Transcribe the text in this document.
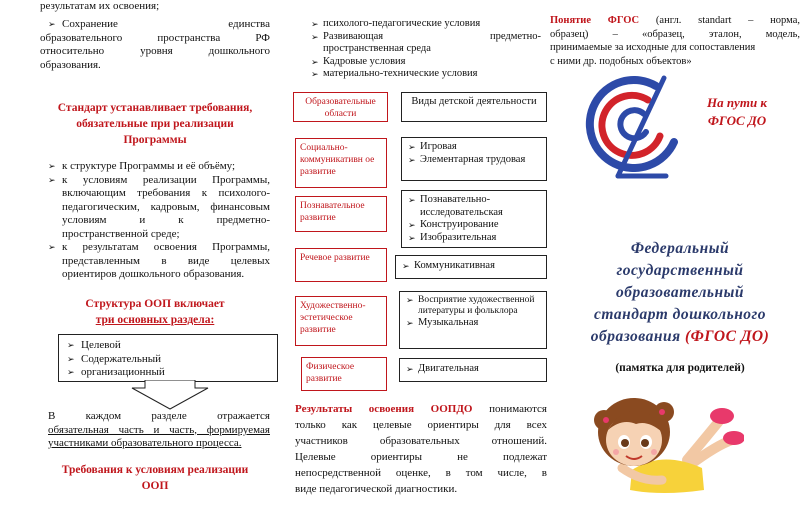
результатам их освоения;
➢ Сохранение единства
образовательного пространства РФ
относительно уровня дошкольного
образования.
Стандарт устанавливает требования,
обязательные при реализации
Программы
➢ к структуре Программы и её объёму;
➢ к условиям реализации Программы,
включающим требования к психолого-
педагогическим, кадровым, финансовым
условиям и к предметно-
пространственной среде;
➢ к результатам освоения Программы,
представленным в виде целевых
ориентиров дошкольного образования.
Структура ООП включает
три основных раздела:
➢ Целевой
➢ Содержательный
➢ организационный
В каждом разделе отражается
обязательная часть и часть, формируемая
участниками образовательного процесса.
Требования к условиям реализации
ООП
➢ психолого-педагогические условия
➢ Развивающая	предметно-
пространственная среда
➢ Кадровые условия
➢ материально-технические условия
Образовательные области
Виды детской деятельности
Социально-коммуникативн ое развитие
➢ Игровая
➢ Элементарная трудовая
Познавательное развитие
➢ Познавательно-исследовательская
➢ Конструирование
➢ Изобразительная
Речевое развитие
➢ Коммуникативная
Художественно-эстетическое развитие
➢ Восприятие художественной литературы и фольклора
➢ Музыкальная
Физическое развитие
➢ Двигательная
Результаты освоения ООПДО понимаются
только как целевые ориентиры для всех
участников образовательных отношений.
Целевые ориентиры не подлежат
непосредственной оценке, в том числе, в
виде педагогической диагностики.
Понятие ФГОС (англ. standart – норма,
образец) – «образец, эталон, модель,
принимаемые за исходные для сопоставления
с ними др. подобных объектов»
На пути к
ФГОС ДО
Федеральный
государственный
образовательный
стандарт дошкольного
образования (ФГОС ДО)
(памятка для родителей)
